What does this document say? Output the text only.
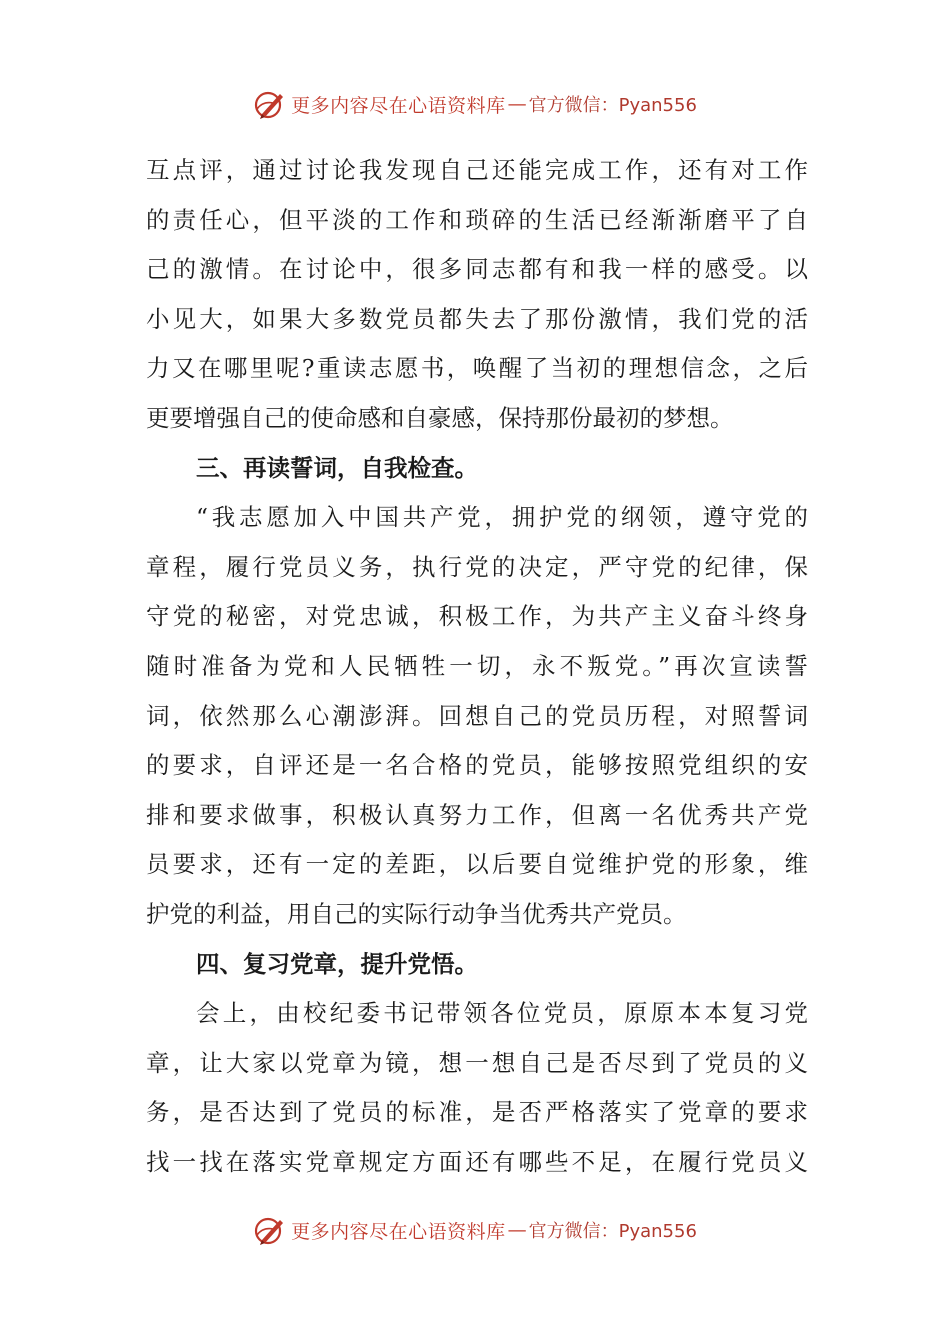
更多内容尽在心语资料库 — 官方微信：Pyan556
互点评，通过讨论我发现自己还能完成工作，还有对工作
的责任心，但平淡的工作和琐碎的生活已经渐渐磨平了自
己的激情。在讨论中，很多同志都有和我一样的感受。以
小见大，如果大多数党员都失去了那份激情，我们党的活
力又在哪里呢?重读志愿书，唤醒了当初的理想信念，之后
更要增强自己的使命感和自豪感，保持那份最初的梦想。
三、再读誓词，自我检查。
“我志愿加入中国共产党，拥护党的纲领，遵守党的
章程，履行党员义务，执行党的决定，严守党的纪律，保
守党的秘密，对党忠诚，积极工作，为共产主义奋斗终身
随时准备为党和人民牺牲一切，永不叛党。”再次宣读誓
词，依然那么心潮澎湃。回想自己的党员历程，对照誓词
的要求，自评还是一名合格的党员，能够按照党组织的安
排和要求做事，积极认真努力工作，但离一名优秀共产党
员要求，还有一定的差距，以后要自觉维护党的形象，维
护党的利益，用自己的实际行动争当优秀共产党员。
四、复习党章，提升党悟。
会上，由校纪委书记带领各位党员，原原本本复习党
章，让大家以党章为镜，想一想自己是否尽到了党员的义
务，是否达到了党员的标准，是否严格落实了党章的要求
找一找在落实党章规定方面还有哪些不足，在履行党员义
更多内容尽在心语资料库 — 官方微信：Pyan556
